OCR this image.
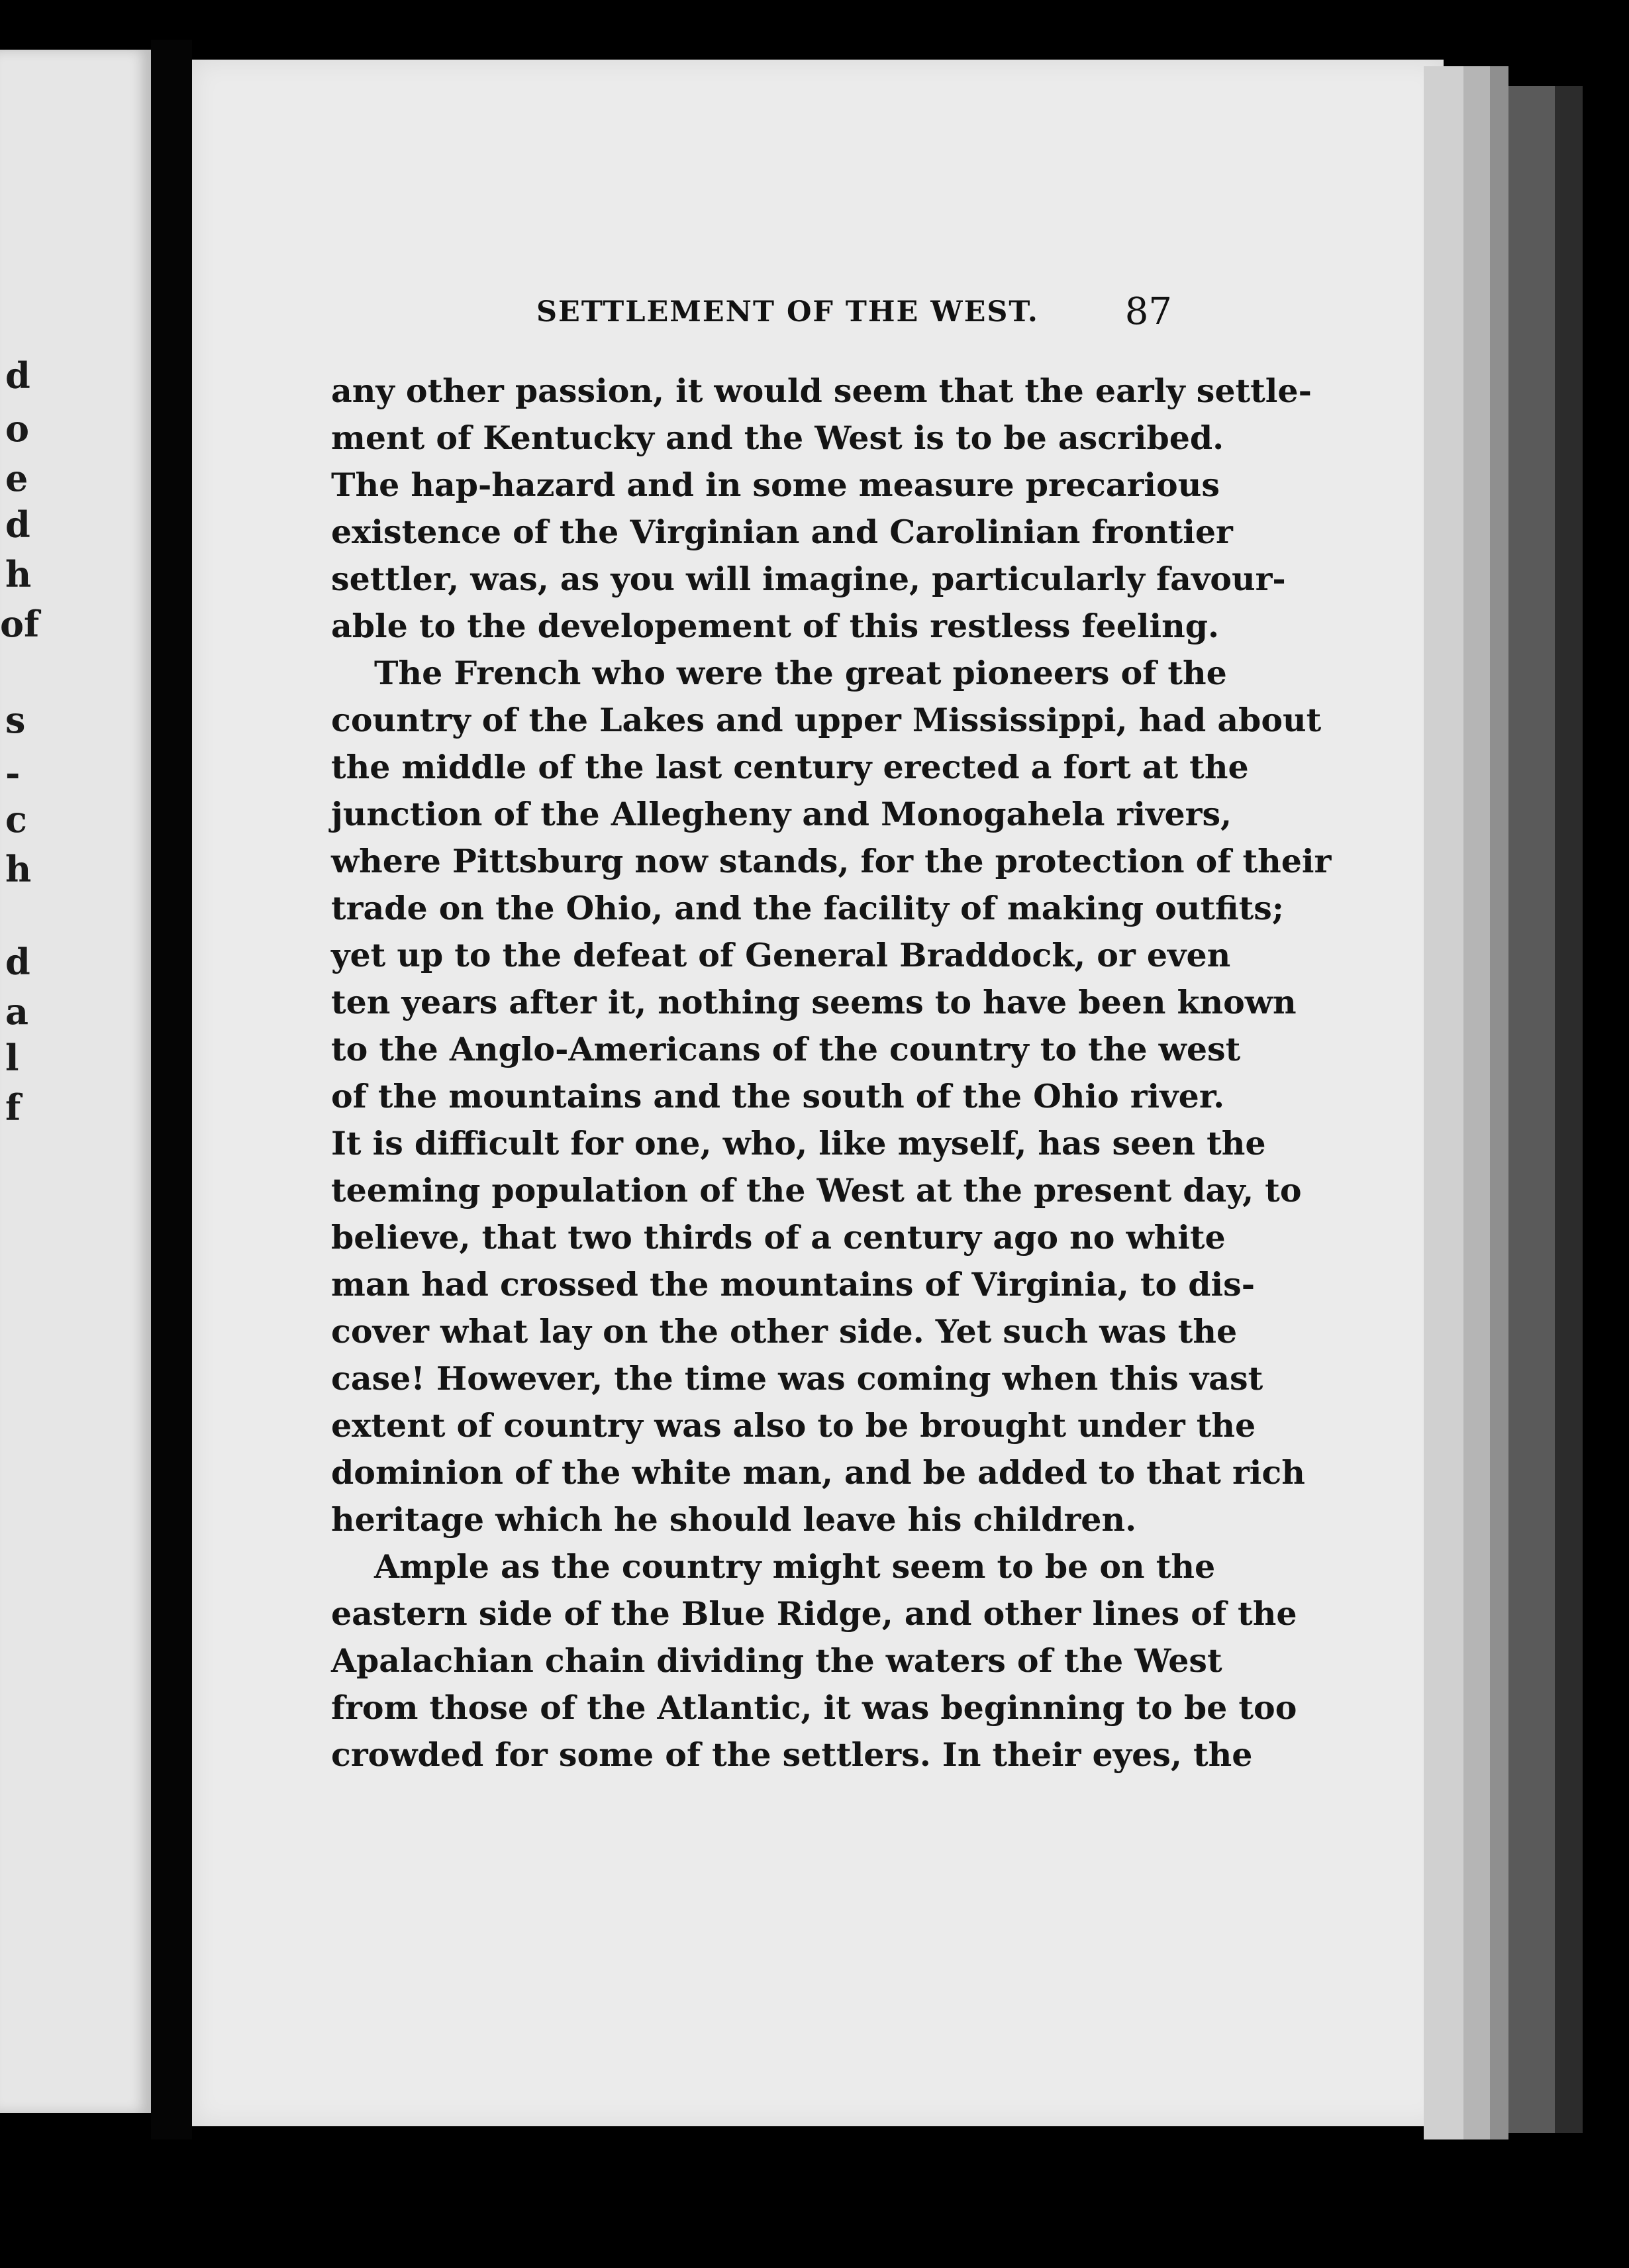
d
o
e
d
h
of
s
-
c
h
d
a
l
f
SETTLEMENT OF THE WEST. 87
any other passion, it would seem that the early settle-
ment of Kentucky and the West is to be ascribed.
The hap-hazard and in some measure precarious
existence of the Virginian and Carolinian frontier
settler, was, as you will imagine, particularly favour-
able to the developement of this restless feeling.
The French who were the great pioneers of the
country of the Lakes and upper Mississippi, had about
the middle of the last century erected a fort at the
junction of the Allegheny and Monogahela rivers,
where Pittsburg now stands, for the protection of their
trade on the Ohio, and the facility of making outfits;
yet up to the defeat of General Braddock, or even
ten years after it, nothing seems to have been known
to the Anglo-Americans of the country to the west
of the mountains and the south of the Ohio river.
It is difficult for one, who, like myself, has seen the
teeming population of the West at the present day, to
believe, that two thirds of a century ago no white
man had crossed the mountains of Virginia, to dis-
cover what lay on the other side. Yet such was the
case! However, the time was coming when this vast
extent of country was also to be brought under the
dominion of the white man, and be added to that rich
heritage which he should leave his children.
Ample as the country might seem to be on the
eastern side of the Blue Ridge, and other lines of the
Apalachian chain dividing the waters of the West
from those of the Atlantic, it was beginning to be too
crowded for some of the settlers. In their eyes, the
